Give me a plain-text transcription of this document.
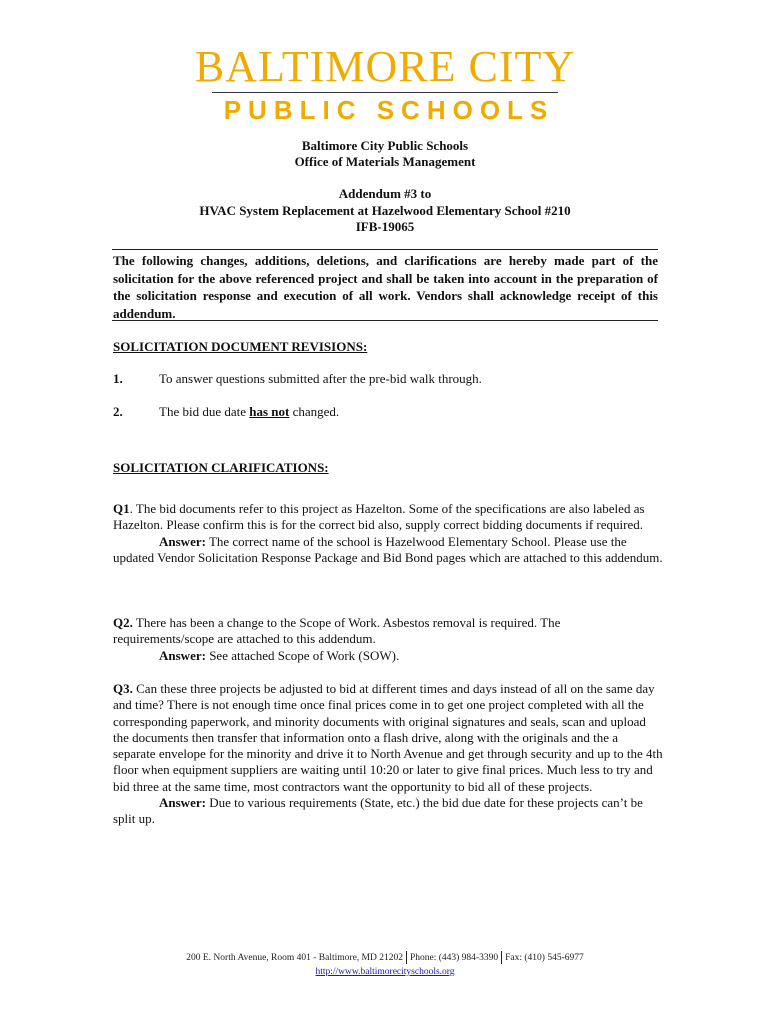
BALTIMORE CITY
PUBLIC SCHOOLS
Baltimore City Public Schools
Office of Materials Management
Addendum #3 to
HVAC System Replacement at Hazelwood Elementary School #210
IFB-19065
The following changes, additions, deletions, and clarifications are hereby made part of the solicitation for the above referenced project and shall be taken into account in the preparation of the solicitation response and execution of all work. Vendors shall acknowledge receipt of this addendum.
SOLICITATION DOCUMENT REVISIONS:
1.	To answer questions submitted after the pre-bid walk through.
2.	The bid due date has not changed.
SOLICITATION CLARIFICATIONS:

Q1. The bid documents refer to this project as Hazelton. Some of the specifications are also labeled as Hazelton. Please confirm this is for the correct bid also, supply correct bidding documents if required.

Answer: The correct name of the school is Hazelwood Elementary School. Please use the updated Vendor Solicitation Response Package and Bid Bond pages which are attached to this addendum.

Q2. There has been a change to the Scope of Work. Asbestos removal is required. The requirements/scope are attached to this addendum.

Answer: See attached Scope of Work (SOW).

Q3. Can these three projects be adjusted to bid at different times and days instead of all on the same day and time? There is not enough time once final prices come in to get one project completed with all the corresponding paperwork, and minority documents with original signatures and seals, scan and upload the documents then transfer that information onto a flash drive, along with the originals and the a separate envelope for the minority and drive it to North Avenue and get through security and up to the 4th floor when equipment suppliers are waiting until 10:20 or later to give final prices. Much less to try and bid three at the same time, most contractors want the opportunity to bid all of these projects.

Answer: Due to various requirements (State, etc.) the bid due date for these projects can’t be split up.

200 E. North Avenue, Room 401 - Baltimore, MD 21202 Phone: (443) 984-3390 Fax: (410) 545-6977
http://www.baltimorecityschools.org
